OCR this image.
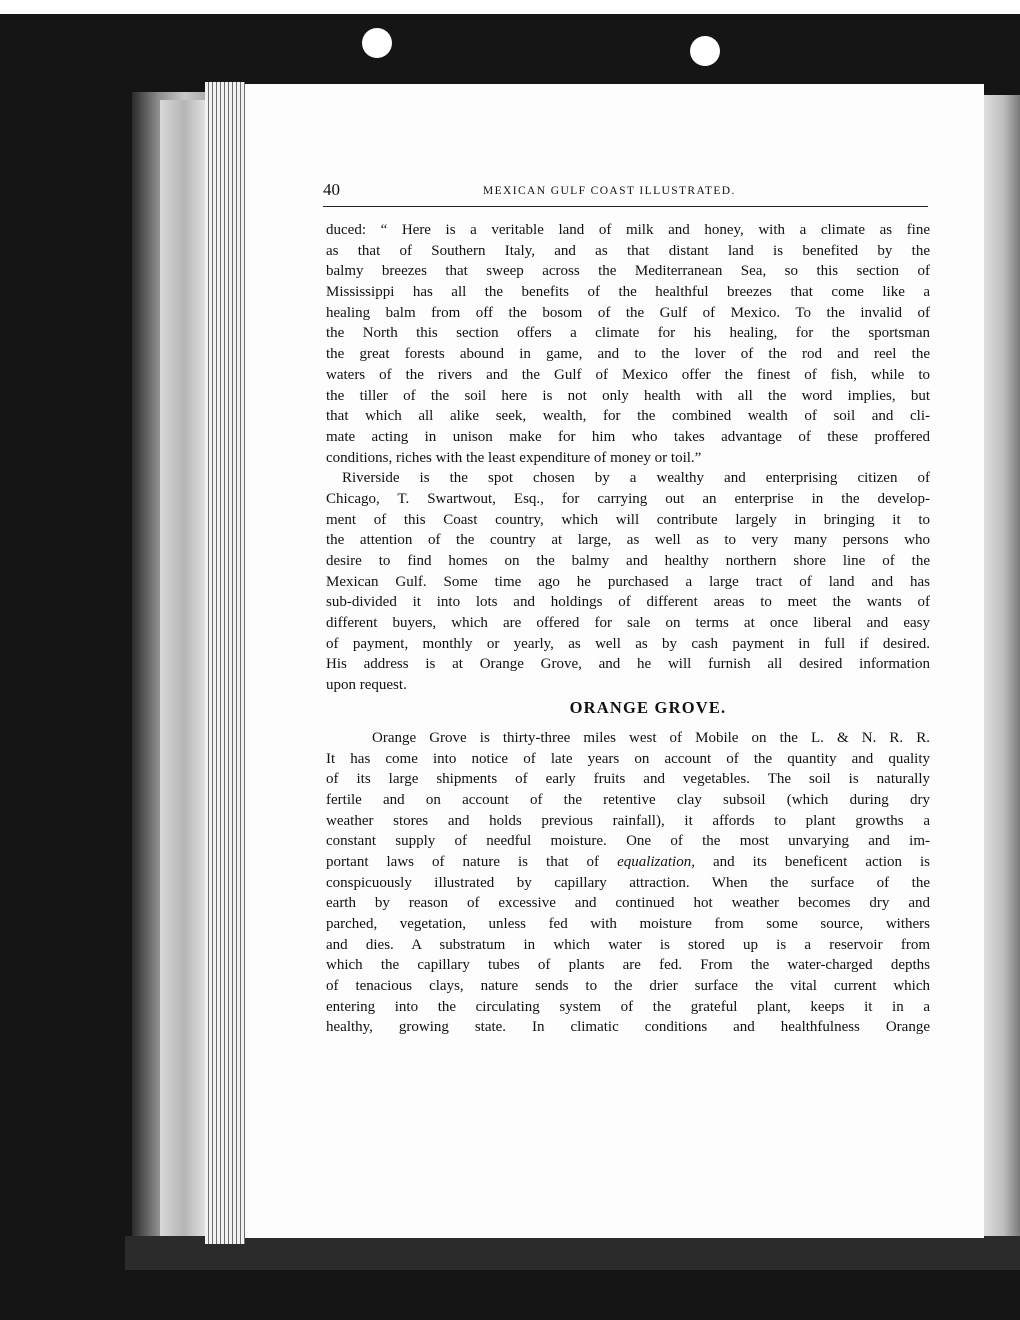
40	MEXICAN GULF COAST ILLUSTRATED.
duced: “ Here is a veritable land of milk and honey, with a climate as fine
as that of Southern Italy, and as that distant land is benefited by the
balmy breezes that sweep across the Mediterranean Sea, so this section of
Mississippi has all the benefits of the healthful breezes that come like a
healing balm from off the bosom of the Gulf of Mexico. To the invalid of
the North this section offers a climate for his healing, for the sportsman
the great forests abound in game, and to the lover of the rod and reel the
waters of the rivers and the Gulf of Mexico offer the finest of fish, while to
the tiller of the soil here is not only health with all the word implies, but
that which all alike seek, wealth, for the combined wealth of soil and cli-
mate acting in unison make for him who takes advantage of these proffered
conditions, riches with the least expenditure of money or toil.”
Riverside is the spot chosen by a wealthy and enterprising citizen of
Chicago, T. Swartwout, Esq., for carrying out an enterprise in the develop-
ment of this Coast country, which will contribute largely in bringing it to
the attention of the country at large, as well as to very many persons who
desire to find homes on the balmy and healthy northern shore line of the
Mexican Gulf. Some time ago he purchased a large tract of land and has
sub-divided it into lots and holdings of different areas to meet the wants of
different buyers, which are offered for sale on terms at once liberal and easy
of payment, monthly or yearly, as well as by cash payment in full if desired.
His address is at Orange Grove, and he will furnish all desired information
upon request.
ORANGE GROVE.
Orange Grove is thirty-three miles west of Mobile on the L. & N. R. R.
It has come into notice of late years on account of the quantity and quality
of its large shipments of early fruits and vegetables. The soil is naturally
fertile and on account of the retentive clay subsoil (which during dry
weather stores and holds previous rainfall), it affords to plant growths a
constant supply of needful moisture. One of the most unvarying and im-
portant laws of nature is that of equalization, and its beneficent action is
conspicuously illustrated by capillary attraction. When the surface of the
earth by reason of excessive and continued hot weather becomes dry and
parched, vegetation, unless fed with moisture from some source, withers
and dies. A substratum in which water is stored up is a reservoir from
which the capillary tubes of plants are fed. From the water-charged depths
of tenacious clays, nature sends to the drier surface the vital current which
entering into the circulating system of the grateful plant, keeps it in a
healthy, growing state. In climatic conditions and healthfulness Orange
